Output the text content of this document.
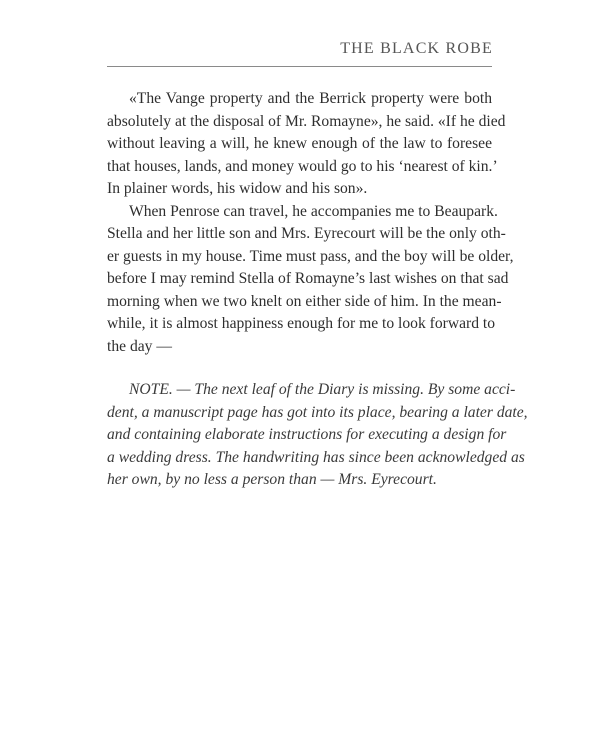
THE BLACK ROBE
«The Vange property and the Berrick property were both
absolutely at the disposal of Mr. Romayne», he said. «If he died
without leaving a will, he knew enough of the law to foresee
that houses, lands, and money would go to his ‘nearest of kin.’
In plainer words, his widow and his son».
When Penrose can travel, he accompanies me to Beaupark.
Stella and her little son and Mrs. Eyrecourt will be the only oth-
er guests in my house. Time must pass, and the boy will be older,
before I may remind Stella of Romayne’s last wishes on that sad
morning when we two knelt on either side of him. In the mean-
while, it is almost happiness enough for me to look forward to
the day —
NOTE. — The next leaf of the Diary is missing. By some acci-
dent, a manuscript page has got into its place, bearing a later date,
and containing elaborate instructions for executing a design for
a wedding dress. The handwriting has since been acknowledged as
her own, by no less a person than — Mrs. Eyrecourt.
